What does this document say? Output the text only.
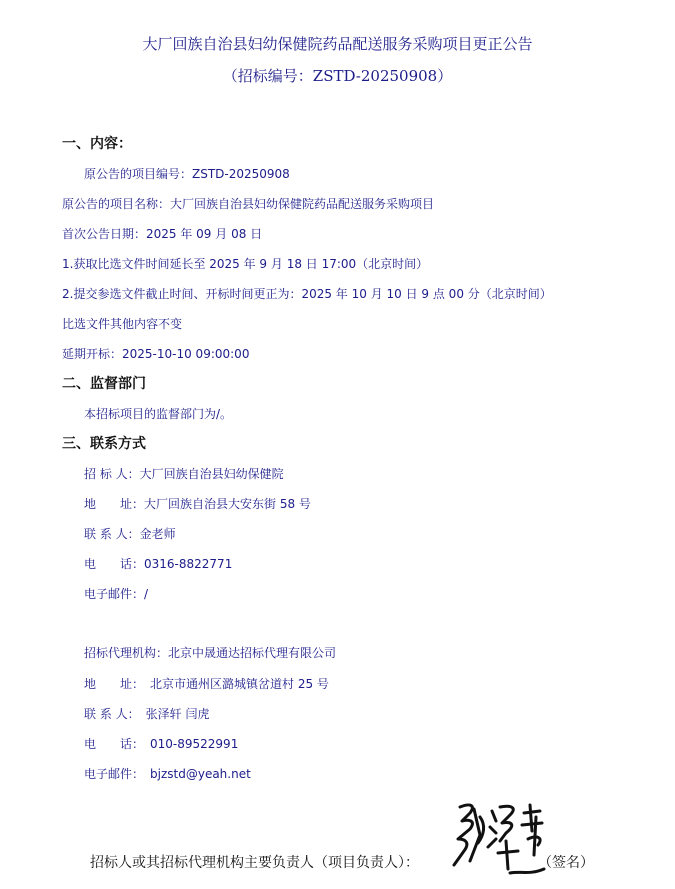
大厂回族自治县妇幼保健院药品配送服务采购项目更正公告
（招标编号：ZSTD-20250908）
一、内容：
原公告的项目编号：ZSTD-20250908
原公告的项目名称：大厂回族自治县妇幼保健院药品配送服务采购项目
首次公告日期：2025 年 09 月 08 日
1.获取比选文件时间延长至 2025 年 9 月 18 日 17:00（北京时间）
2.提交参选文件截止时间、开标时间更正为：2025 年 10 月 10 日 9 点 00 分（北京时间）
比选文件其他内容不变
延期开标：2025-10-10 09:00:00
二、监督部门
本招标项目的监督部门为/。
三、联系方式
招 标 人：大厂回族自治县妇幼保健院
地　　址：大厂回族自治县大安东街 58 号
联 系 人：金老师
电　　话：0316-8822771
电子邮件：/
招标代理机构：北京中晟通达招标代理有限公司
地　　址： 北京市通州区潞城镇岔道村 25 号
联 系 人： 张泽轩 闫虎
电　　话： 010-89522991
电子邮件： bjzstd@yeah.net
招标人或其招标代理机构主要负责人（项目负责人）：	（签名）
